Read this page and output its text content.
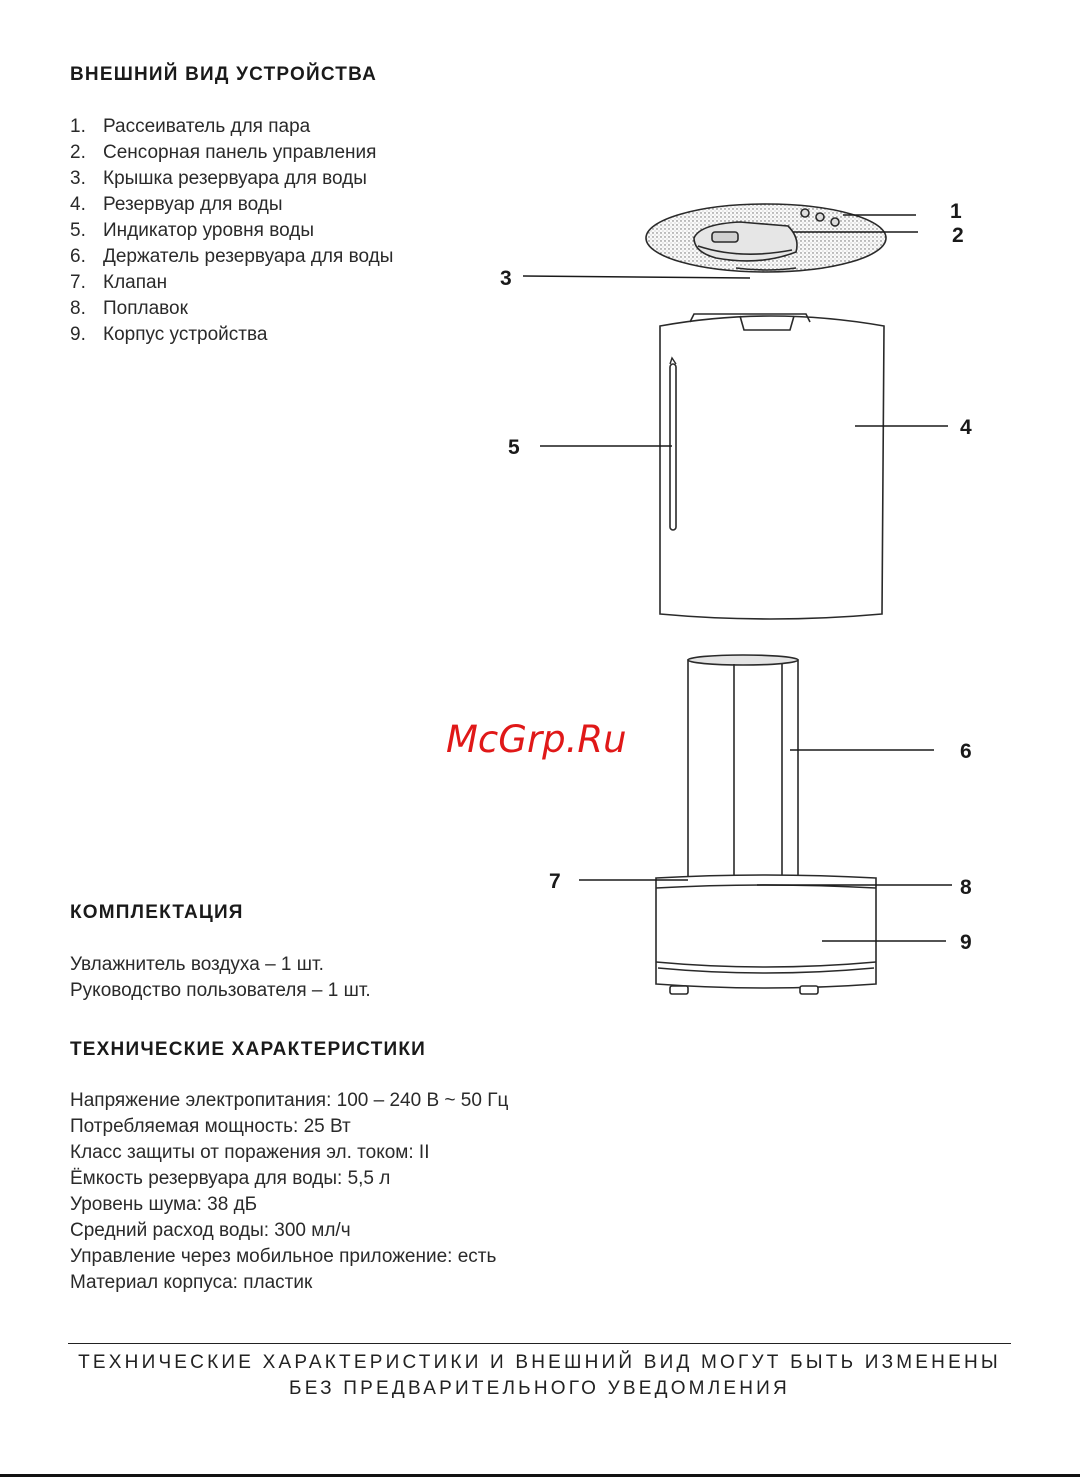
ВНЕШНИЙ ВИД УСТРОЙСТВА
1. Рассеиватель для пара
2. Сенсорная панель управления
3. Крышка резервуара для воды
4. Резервуар для воды
5. Индикатор уровня воды
6. Держатель резервуара для воды
7. Клапан
8. Поплавок
9. Корпус устройства
КОМПЛЕКТАЦИЯ
Увлажнитель воздуха – 1 шт.
Руководство пользователя – 1 шт.
ТЕХНИЧЕСКИЕ ХАРАКТЕРИСТИКИ
Напряжение электропитания: 100 – 240 В ~ 50 Гц
Потребляемая мощность: 25 Вт
Класс защиты от поражения эл. током: II
Ёмкость резервуара для воды: 5,5 л
Уровень шума: 38 дБ
Средний расход воды: 300 мл/ч
Управление через мобильное приложение: есть
Материал корпуса: пластик
1
2
3
4
5
6
7	8
9
McGrp.Ru
ТЕХНИЧЕСКИЕ ХАРАКТЕРИСТИКИ И ВНЕШНИЙ ВИД МОГУТ БЫТЬ ИЗМЕНЕНЫ
БЕЗ ПРЕДВАРИТЕЛЬНОГО УВЕДОМЛЕНИЯ
